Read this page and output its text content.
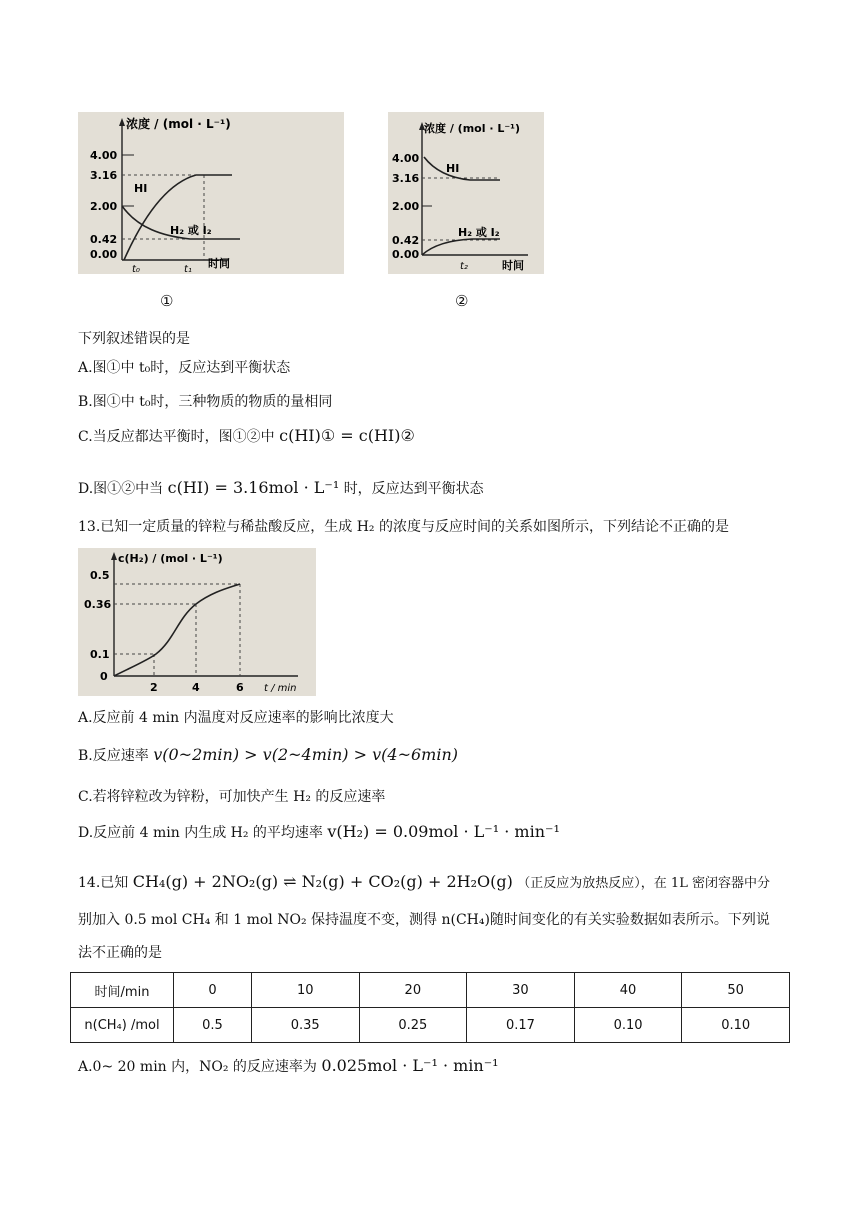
浓度 / (mol · L⁻¹)
4.00
3.16
2.00
0.42
0.00
t₀	t₁ 时间
HI
H₂ 或 I₂
浓度 / (mol · L⁻¹)
4.00
3.16
2.00
0.42
0.00
t₂	时间
HI
H₂ 或 I₂
①	②
下列叙述错误的是
A.图①中 t₀时，反应达到平衡状态
B.图①中 t₀时，三种物质的物质的量相同
C.当反应都达平衡时，图①②中 c(HI)① = c(HI)②
D.图①②中当 c(HI) = 3.16mol · L⁻¹ 时，反应达到平衡状态
13.已知一定质量的锌粒与稀盐酸反应，生成 H₂ 的浓度与反应时间的关系如图所示，下列结论不正确的是
c(H₂) / (mol · L⁻¹)
0.5
0.36
0.1
0
2	4	6 t / min
A.反应前 4 min 内温度对反应速率的影响比浓度大
B.反应速率 v(0~2min) > v(2~4min) > v(4~6min)
C.若将锌粒改为锌粉，可加快产生 H₂ 的反应速率
D.反应前 4 min 内生成 H₂ 的平均速率 v(H₂) = 0.09mol · L⁻¹ · min⁻¹
14.已知 CH₄(g) + 2NO₂(g) ⇌ N₂(g) + CO₂(g) + 2H₂O(g) （正反应为放热反应），在 1L 密闭容器中分
别加入 0.5 mol CH₄ 和 1 mol NO₂ 保持温度不变，测得 n(CH₄)随时间变化的有关实验数据如表所示。下列说
法不正确的是
时间/min	0	10	20	30	40	50
n(CH₄) /mol	0.5	0.35	0.25	0.17	0.10	0.10
A.0~ 20 min 内，NO₂ 的反应速率为 0.025mol · L⁻¹ · min⁻¹
